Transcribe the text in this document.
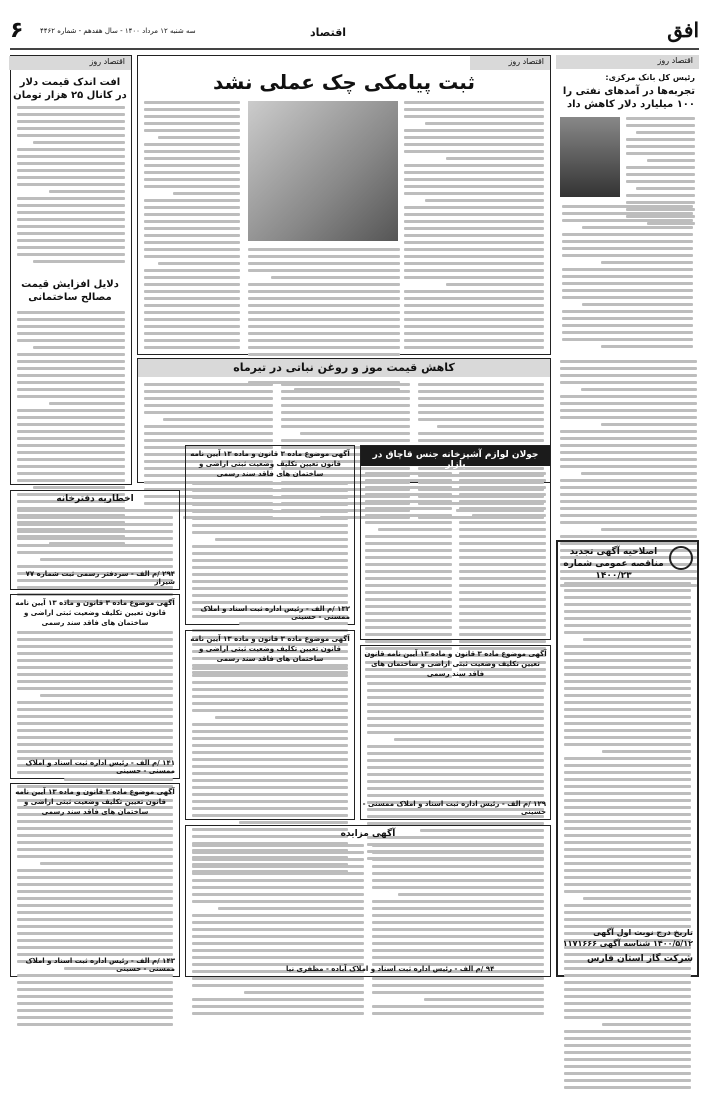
۶ سه شنبه ۱۲ مرداد ۱۴۰۰ - سال هفدهم - شماره ۴۴۶۲	اقتصاد	افق
اقتصاد روز
رئیس کل بانک مرکزی:
تجربه‌ها در آمدهای نفتی را ۱۰۰ میلیارد دلار کاهش داد
اقتصاد روز
ثبت پیامکی چک عملی نشد
اقتصاد روز
افت اندک قیمت دلار در کانال ۲۵ هزار تومان
دلایل افزایش قیمت مصالح ساختمانی
کاهش قیمت موز و روغن نباتی در تیرماه
جولان لوازم آشپزخانه جنس قاچاق در بازار
اصلاحیه آگهی تجدید مناقصه عمومی شماره ۱۴۰۰/۲۳
تاریخ درج نوبت اول آگهی ۱۴۰۰/۵/۱۲ شناسه آگهی ۱۱۷۱۶۶۶
شرکت گاز استان فارس
اخطاریه دفترخانه
۲۹۴ /م الف - سردفتر رسمی ثبت شماره ۷۷ شیراز
آگهی موضوع ماده ۳ قانون و ماده ۱۳ آیین نامه قانون تعیین تکلیف وضعیت ثبتی اراضی و ساختمان های فاقد سند رسمی
۱۳۲ /م الف - رئیس اداره ثبت اسناد و املاک ممسنی - حسینی
آگهی موضوع ماده ۳ قانون و ماده ۱۳ آیین نامه قانون تعیین تکلیف وضعیت ثبتی اراضی و ساختمان های فاقد سند رسمی
۱۴۱ /م الف - رئیس اداره ثبت اسناد و املاک ممسنی - حسینی
آگهی موضوع ماده ۳ قانون و ماده ۱۳ آیین نامه قانون تعیین تکلیف وضعیت ثبتی اراضی و ساختمان های فاقد سند رسمی
آگهی موضوع ماده ۳ قانون و ماده ۱۳ آیین نامه قانون تعیین تکلیف وضعیت ثبتی اراضی و ساختمان های فاقد سند رسمی
۱۲۹ /م الف - رئیس اداره ثبت اسناد و املاک ممسنی - حسینی
آگهی موضوع ماده ۳ قانون و ماده ۱۳ آیین نامه قانون تعیین تکلیف وضعیت ثبتی اراضی و ساختمان های فاقد سند رسمی
۱۴۳ /م الف - رئیس اداره ثبت اسناد و املاک ممسنی - حسینی
آگهی مزایده
۹۴ /م الف - رئیس اداره ثبت اسناد و املاک آباده - مظفری نیا
